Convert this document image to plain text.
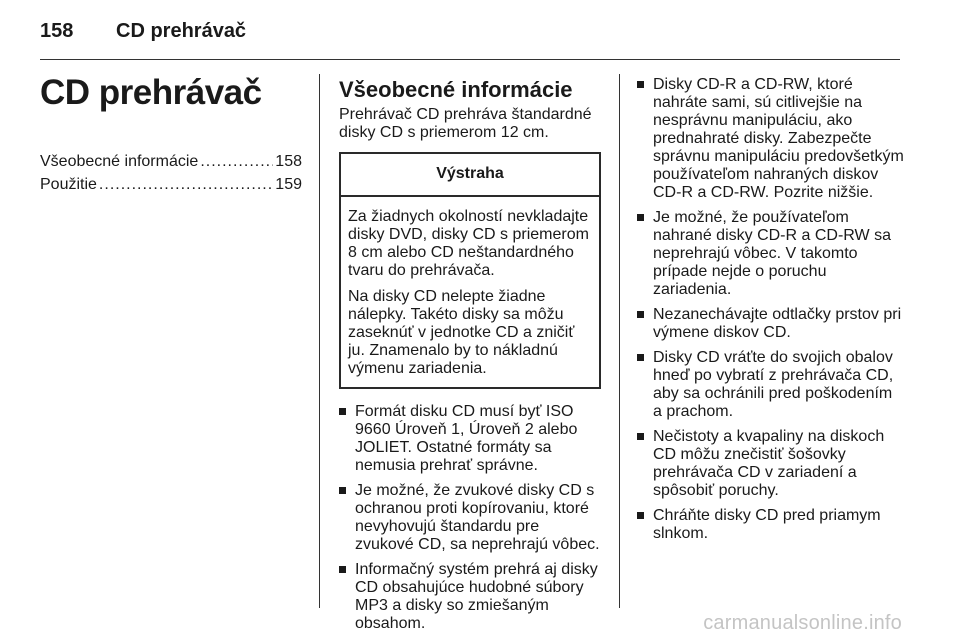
158 CD prehrávač
CD prehrávač
Všeobecné informácie .....	158
Použitie .....	159
Všeobecné informácie

Prehrávač CD prehráva štandardné disky CD s priemerom 12 cm.

Výstraha

Za žiadnych okolností nevkladajte disky DVD, disky CD s priemerom 8 cm alebo CD neštandardného tvaru do prehrávača.

Na disky CD nelepte žiadne nálepky. Takéto disky sa môžu zaseknúť v jednotke CD a zničiť ju. Znamenalo by to nákladnú výmenu zariadenia.

Formát disku CD musí byť ISO 9660 Úroveň 1, Úroveň 2 alebo JOLIET. Ostatné formáty sa nemusia prehrať správne.
Je možné, že zvukové disky CD s ochranou proti kopírovaniu, ktoré nevyhovujú štandardu pre zvukové CD, sa neprehrajú vôbec.
Informačný systém prehrá aj disky CD obsahujúce hudobné súbory MP3 a disky so zmiešaným obsahom.
Disky CD-R a CD-RW, ktoré nahráte sami, sú citlivejšie na nesprávnu manipuláciu, ako prednahraté disky. Zabezpečte správnu manipuláciu predovšetkým používateľom nahraných diskov CD-R a CD-RW. Pozrite nižšie.
Je možné, že používateľom nahrané disky CD-R a CD-RW sa neprehrajú vôbec. V takomto prípade nejde o poruchu zariadenia.
Nezanechávajte odtlačky prstov pri výmene diskov CD.
Disky CD vráťte do svojich obalov hneď po vybratí z prehrávača CD, aby sa ochránili pred poškodením a prachom.
Nečistoty a kvapaliny na diskoch CD môžu znečistiť šošovky prehrávača CD v zariadení a spôsobiť poruchy.
Chráňte disky CD pred priamym slnkom.
carmanualsonline.info
